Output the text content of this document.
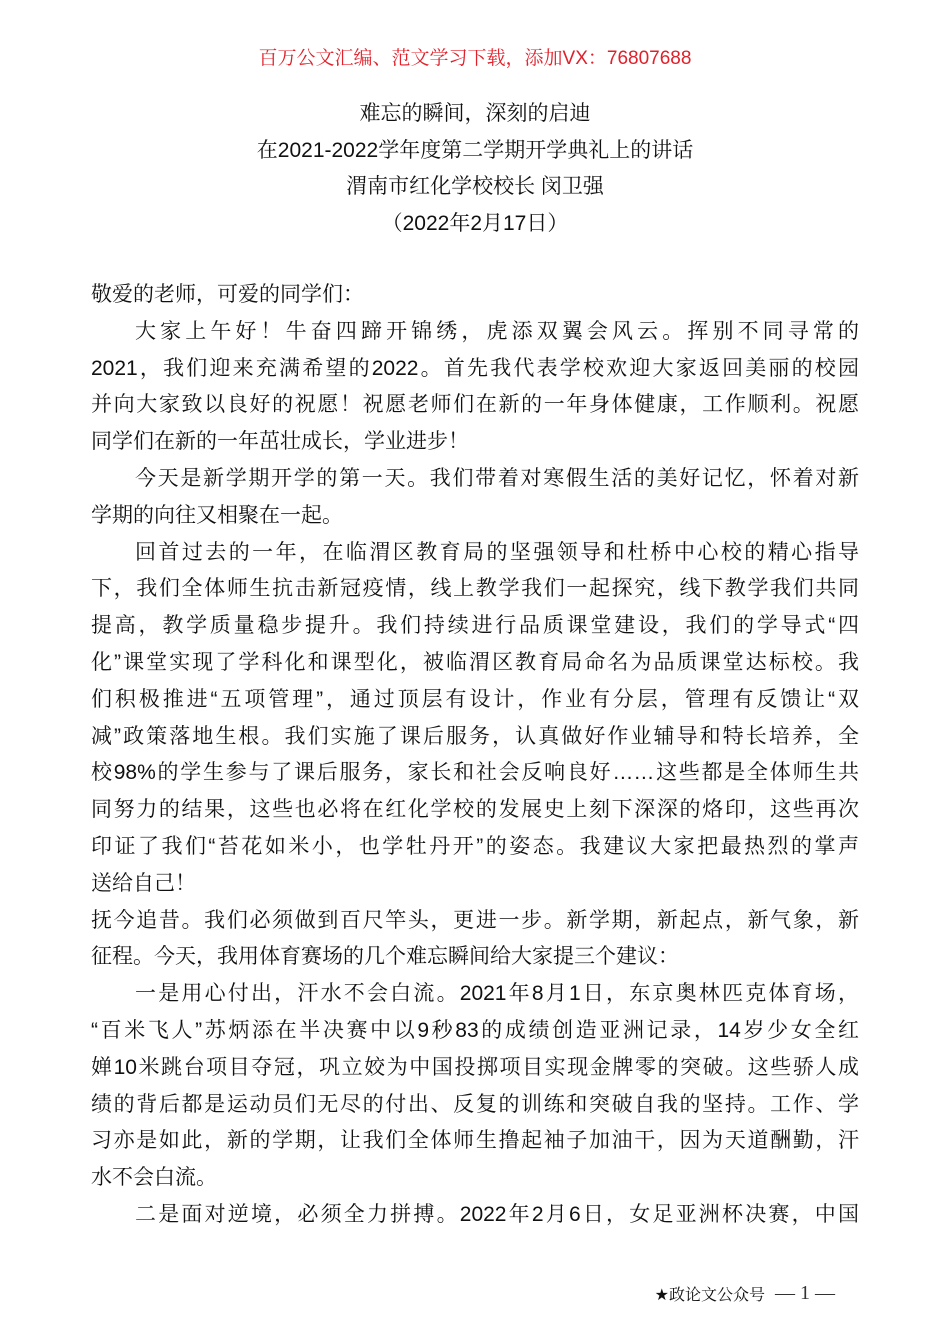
百万公文汇编、范文学习下载，添加VX：76807688
难忘的瞬间，深刻的启迪
在2021-2022学年度第二学期开学典礼上的讲话
渭南市红化学校校长 闵卫强
（2022年2月17日）
敬爱的老师，可爱的同学们：
大家上午好！牛奋四蹄开锦绣，虎添双翼会风云。挥别不同寻常的
2021，我们迎来充满希望的2022。首先我代表学校欢迎大家返回美丽的校园
并向大家致以良好的祝愿！祝愿老师们在新的一年身体健康，工作顺利。祝愿
同学们在新的一年茁壮成长，学业进步！
今天是新学期开学的第一天。我们带着对寒假生活的美好记忆，怀着对新
学期的向往又相聚在一起。
回首过去的一年，在临渭区教育局的坚强领导和杜桥中心校的精心指导
下，我们全体师生抗击新冠疫情，线上教学我们一起探究，线下教学我们共同
提高，教学质量稳步提升。我们持续进行品质课堂建设，我们的学导式“四
化”课堂实现了学科化和课型化，被临渭区教育局命名为品质课堂达标校。我
们积极推进“五项管理”，通过顶层有设计，作业有分层，管理有反馈让“双
减”政策落地生根。我们实施了课后服务，认真做好作业辅导和特长培养，全
校98%的学生参与了课后服务，家长和社会反响良好……这些都是全体师生共
同努力的结果，这些也必将在红化学校的发展史上刻下深深的烙印，这些再次
印证了我们“苔花如米小，也学牡丹开”的姿态。我建议大家把最热烈的掌声
送给自己！
抚今追昔。我们必须做到百尺竿头，更进一步。新学期，新起点，新气象，新
征程。今天，我用体育赛场的几个难忘瞬间给大家提三个建议：
一是用心付出，汗水不会白流。2021年8月1日，东京奥林匹克体育场，
“百米飞人”苏炳添在半决赛中以9秒83的成绩创造亚洲记录，14岁少女全红
婵10米跳台项目夺冠，巩立姣为中国投掷项目实现金牌零的突破。这些骄人成
绩的背后都是运动员们无尽的付出、反复的训练和突破自我的坚持。工作、学
习亦是如此，新的学期，让我们全体师生撸起袖子加油干，因为天道酬勤，汗
水不会白流。
二是面对逆境，必须全力拼搏。2022年2月6日，女足亚洲杯决赛，中国
★政论文公众号 — 1 —
